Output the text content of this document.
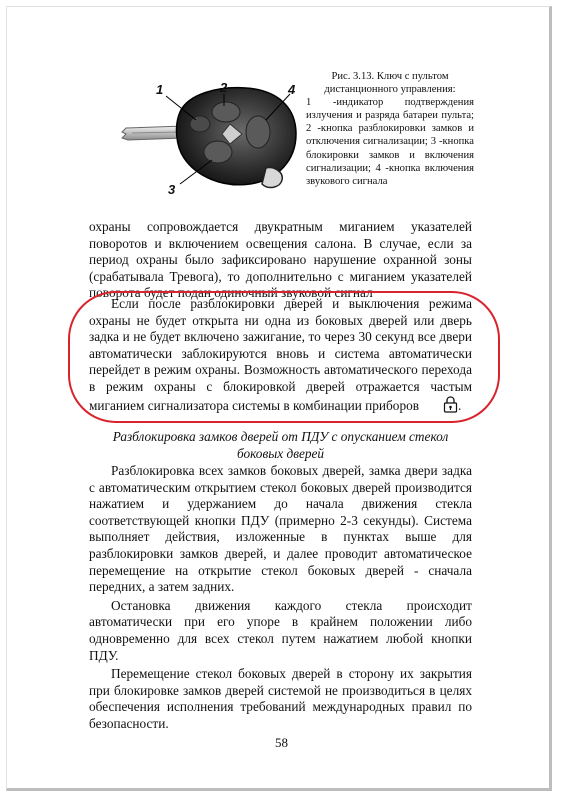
1	2	4
3
Рис. 3.13. Ключ с пультом дистанционного управления:
1 -индикатор подтверждения излучения и разряда батареи пульта; 2 -кнопка разблокировки замков и отключения сигнализации; 3 -кнопка блокировки замков и включения сигнализации; 4 -кнопка включения звукового сигнала

охраны сопровождается двукратным миганием указателей поворотов и включением освещения салона. В случае, если за период охраны было зафиксировано нарушение охранной зоны (срабатывала Тревога), то дополнительно с миганием указателей поворота будет подан одиночный звуковой сигнал

Если после разблокировки дверей и выключения режима охраны не будет открыта ни одна из боковых дверей или дверь задка и не будет включено зажигание, то через 30 секунд все двери автоматически заблокируются вновь и система автоматически перейдет в режим охраны. Возможность автоматического перехода в режим охраны с блокировкой дверей отражается частым миганием сигнализатора системы в комбинации приборов	.

Разблокировка замков дверей от ПДУ с опусканием стекол боковых дверей

Разблокировка всех замков боковых дверей, замка двери задка с автоматическим открытием стекол боковых дверей производится нажатием и удержанием до начала движения стекла соответствующей кнопки ПДУ (примерно 2-3 секунды). Система выполняет действия, изложенные в пунктах выше для разблокировки замков дверей, и далее проводит автоматическое перемещение на открытие стекол боковых дверей - сначала передних, а затем задних.

Остановка движения каждого стекла происходит автоматически при его упоре в крайнем положении либо одновременно для всех стекол путем нажатием любой кнопки ПДУ.

Перемещение стекол боковых дверей в сторону их закрытия при блокировке замков дверей системой не производиться в целях обеспечения исполнения требований международных правил по безопасности.

58
